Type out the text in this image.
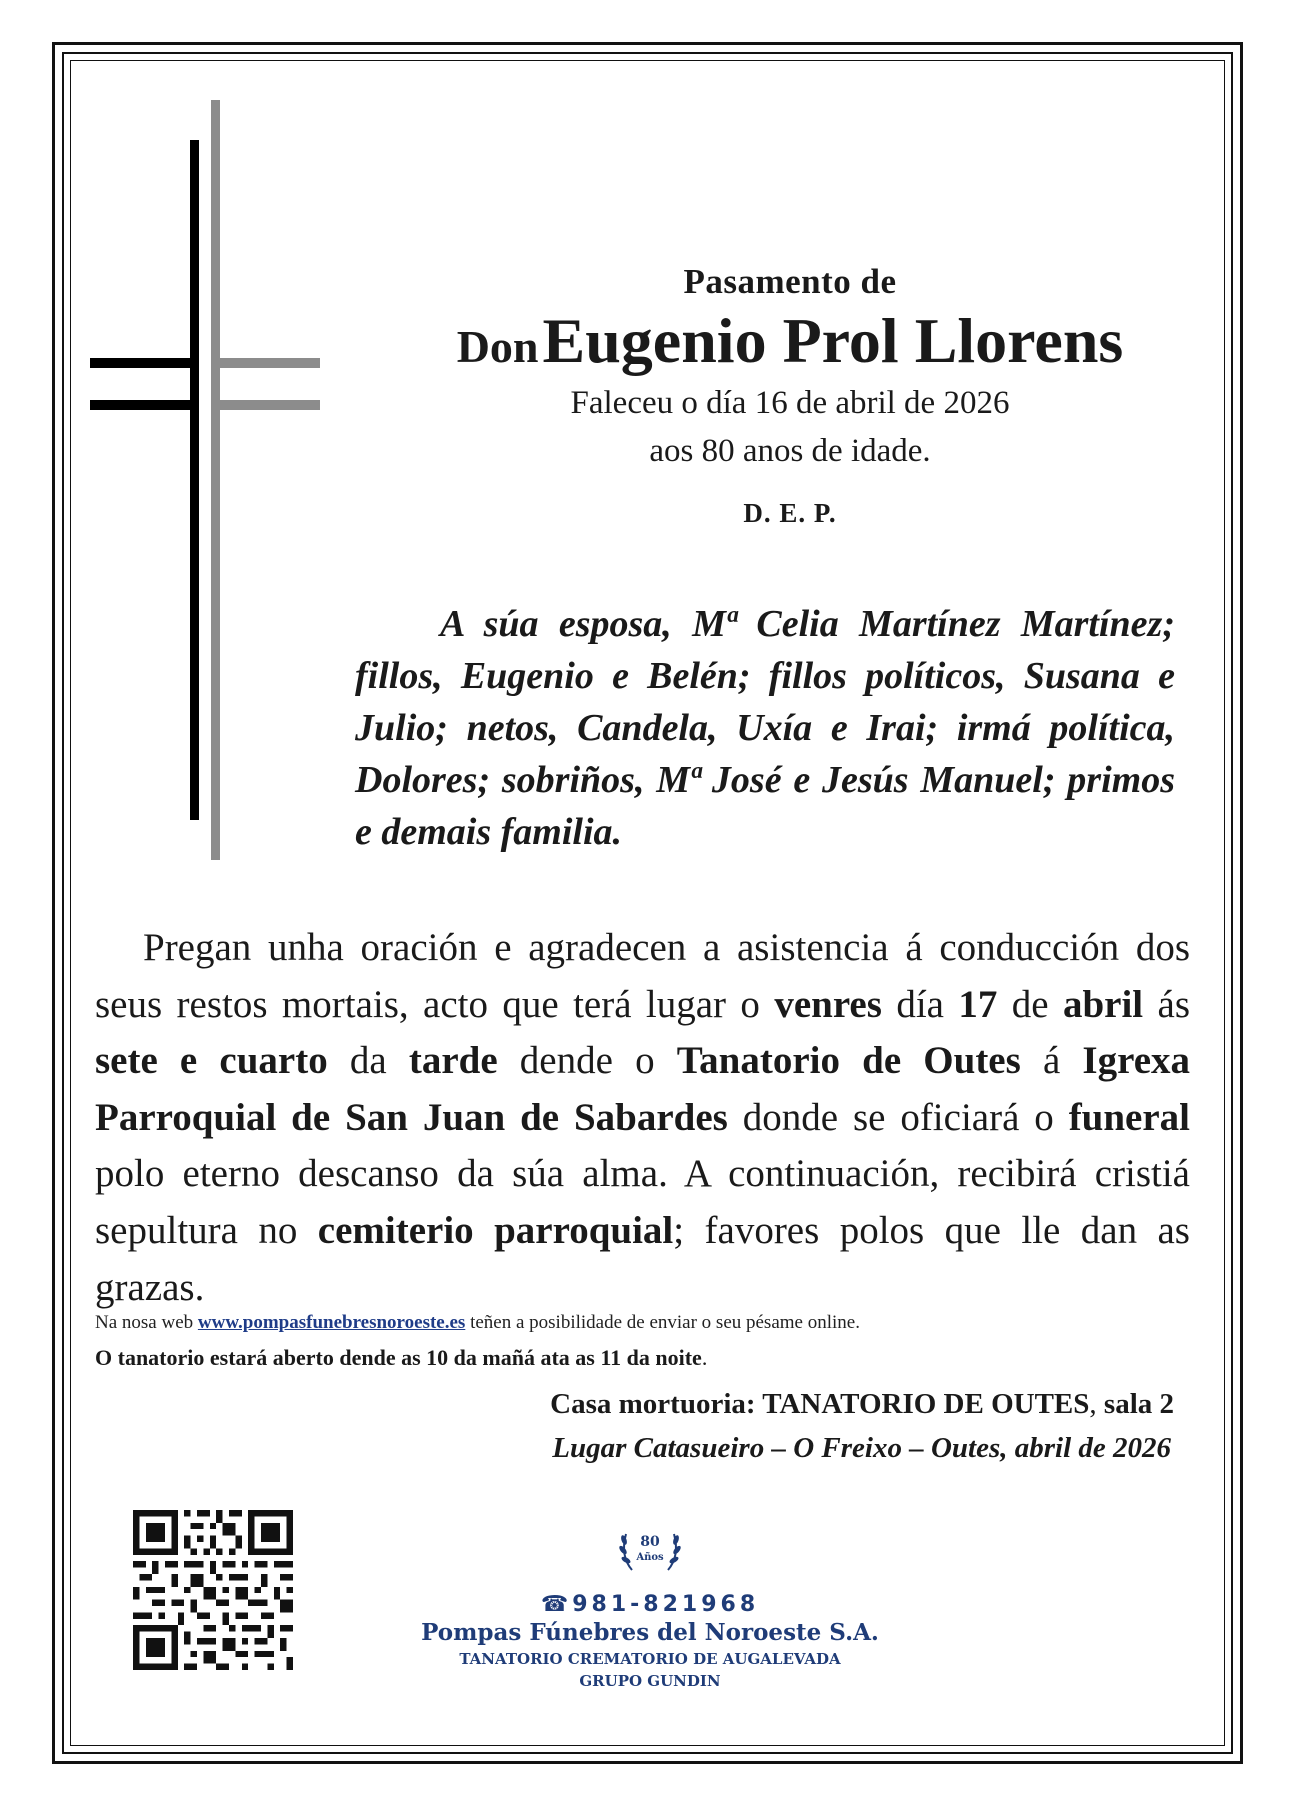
Pasamento de
Don Eugenio Prol Llorens
Faleceu o día 16 de abril de 2026
aos 80 anos de idade.
D. E. P.
A súa esposa, Mª Celia Martínez Martínez; fillos, Eugenio e Belén; fillos políticos, Susana e Julio; netos, Candela, Uxía e Irai; irmá política, Dolores; sobriños, Mª José e Jesús Manuel; primos e demais familia.
Pregan unha oración e agradecen a asistencia á conducción dos seus restos mortais, acto que terá lugar o venres día 17 de abril ás sete e cuarto da tarde dende o Tanatorio de Outes á Igrexa Parroquial de San Juan de Sabardes donde se oficiará o funeral polo eterno descanso da súa alma. A continuación, recibirá cristiá sepultura no cemiterio parroquial; favores polos que lle dan as grazas.
Na nosa web www.pompasfunebresnoroeste.es teñen a posibilidade de enviar o seu pésame online.
O tanatorio estará aberto dende as 10 da mañá ata as 11 da noite.
Casa mortuoria: TANATORIO DE OUTES, sala 2
Lugar Catasueiro – O Freixo – Outes, abril de 2026
80
Años
☎981-821968
Pompas Fúnebres del Noroeste S.A.
TANATORIO CREMATORIO DE AUGALEVADA
GRUPO GUNDIN
